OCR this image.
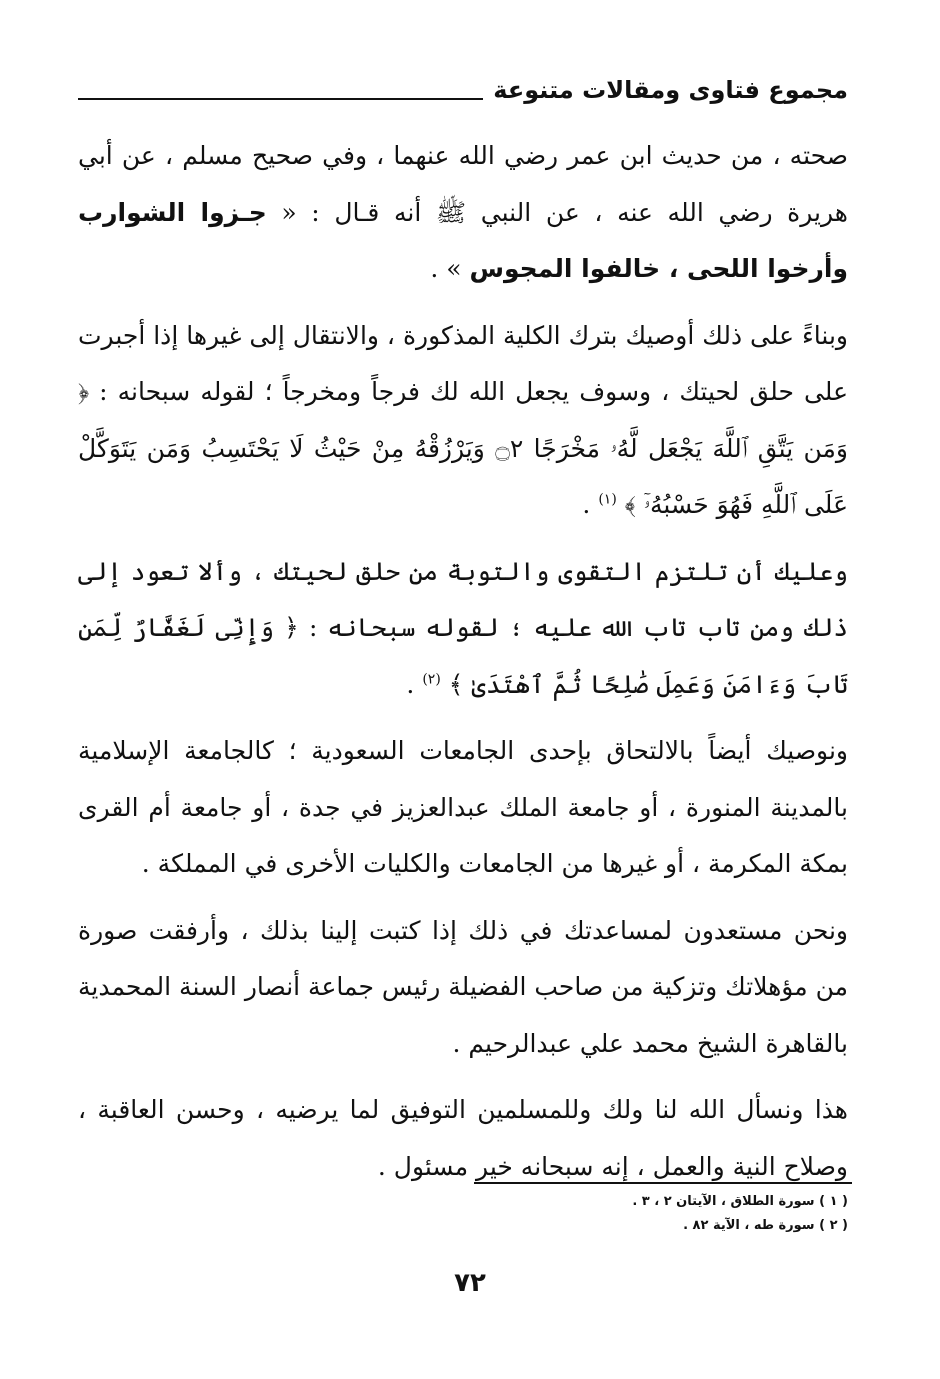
مجموع فتاوى ومقالات متنوعة

صحته ، من حديث ابن عمر رضي الله عنهما ، وفي صحيح مسلم ، عن أبي هريرة رضي الله عنه ، عن النبي ﷺ أنه قـال : « جـزوا الشوارب وأرخوا اللحى ، خالفوا المجوس » .

وبناءً على ذلك أوصيك بترك الكلية المذكورة ، والانتقال إلى غيرها إذا أجبرت على حلق لحيتك ، وسوف يجعل الله لك فرجاً ومخرجاً ؛ لقوله سبحانه : ﴿ وَمَن يَتَّقِ ٱللَّهَ يَجْعَل لَّهُۥ مَخْرَجًا ۝٢ وَيَرْزُقْهُ مِنْ حَيْثُ لَا يَحْتَسِبُ وَمَن يَتَوَكَّلْ عَلَى ٱللَّهِ فَهُوَ حَسْبُهُۥٓ ﴾ $^{(١)}$ .

وعليك أن تلتزم التقوى والتوبة من حلق لحيتك ، وألا تعود إلى ذلك ومن تاب تاب الله عليه ؛ لقوله سبحانه : ﴿ وَإِنِّى لَغَفَّارٌ لِّمَن تَابَ وَءَامَنَ وَعَمِلَ صَٰلِحًا ثُمَّ ٱهْتَدَىٰ ﴾ $^{(٢)}$ .

ونوصيك أيضاً بالالتحاق بإحدى الجامعات السعودية ؛ كالجامعة الإسلامية بالمدينة المنورة ، أو جامعة الملك عبدالعزيز في جدة ، أو جامعة أم القرى بمكة المكرمة ، أو غيرها من الجامعات والكليات الأخرى في المملكة .

ونحن مستعدون لمساعدتك في ذلك إذا كتبت إلينا بذلك ، وأرفقت صورة من مؤهلاتك وتزكية من صاحب الفضيلة رئيس جماعة أنصار السنة المحمدية بالقاهرة الشيخ محمد علي عبدالرحيم .

هذا ونسأل الله لنا ولك وللمسلمين التوفيق لما يرضيه ، وحسن العاقبة ، وصلاح النية والعمل ، إنه سبحانه خير مسئول .

( ١ ) سورة الطلاق ، الآيتان ٢ ، ٣ .
( ٢ ) سورة طه ، الآية ٨٢ .
٧٢
